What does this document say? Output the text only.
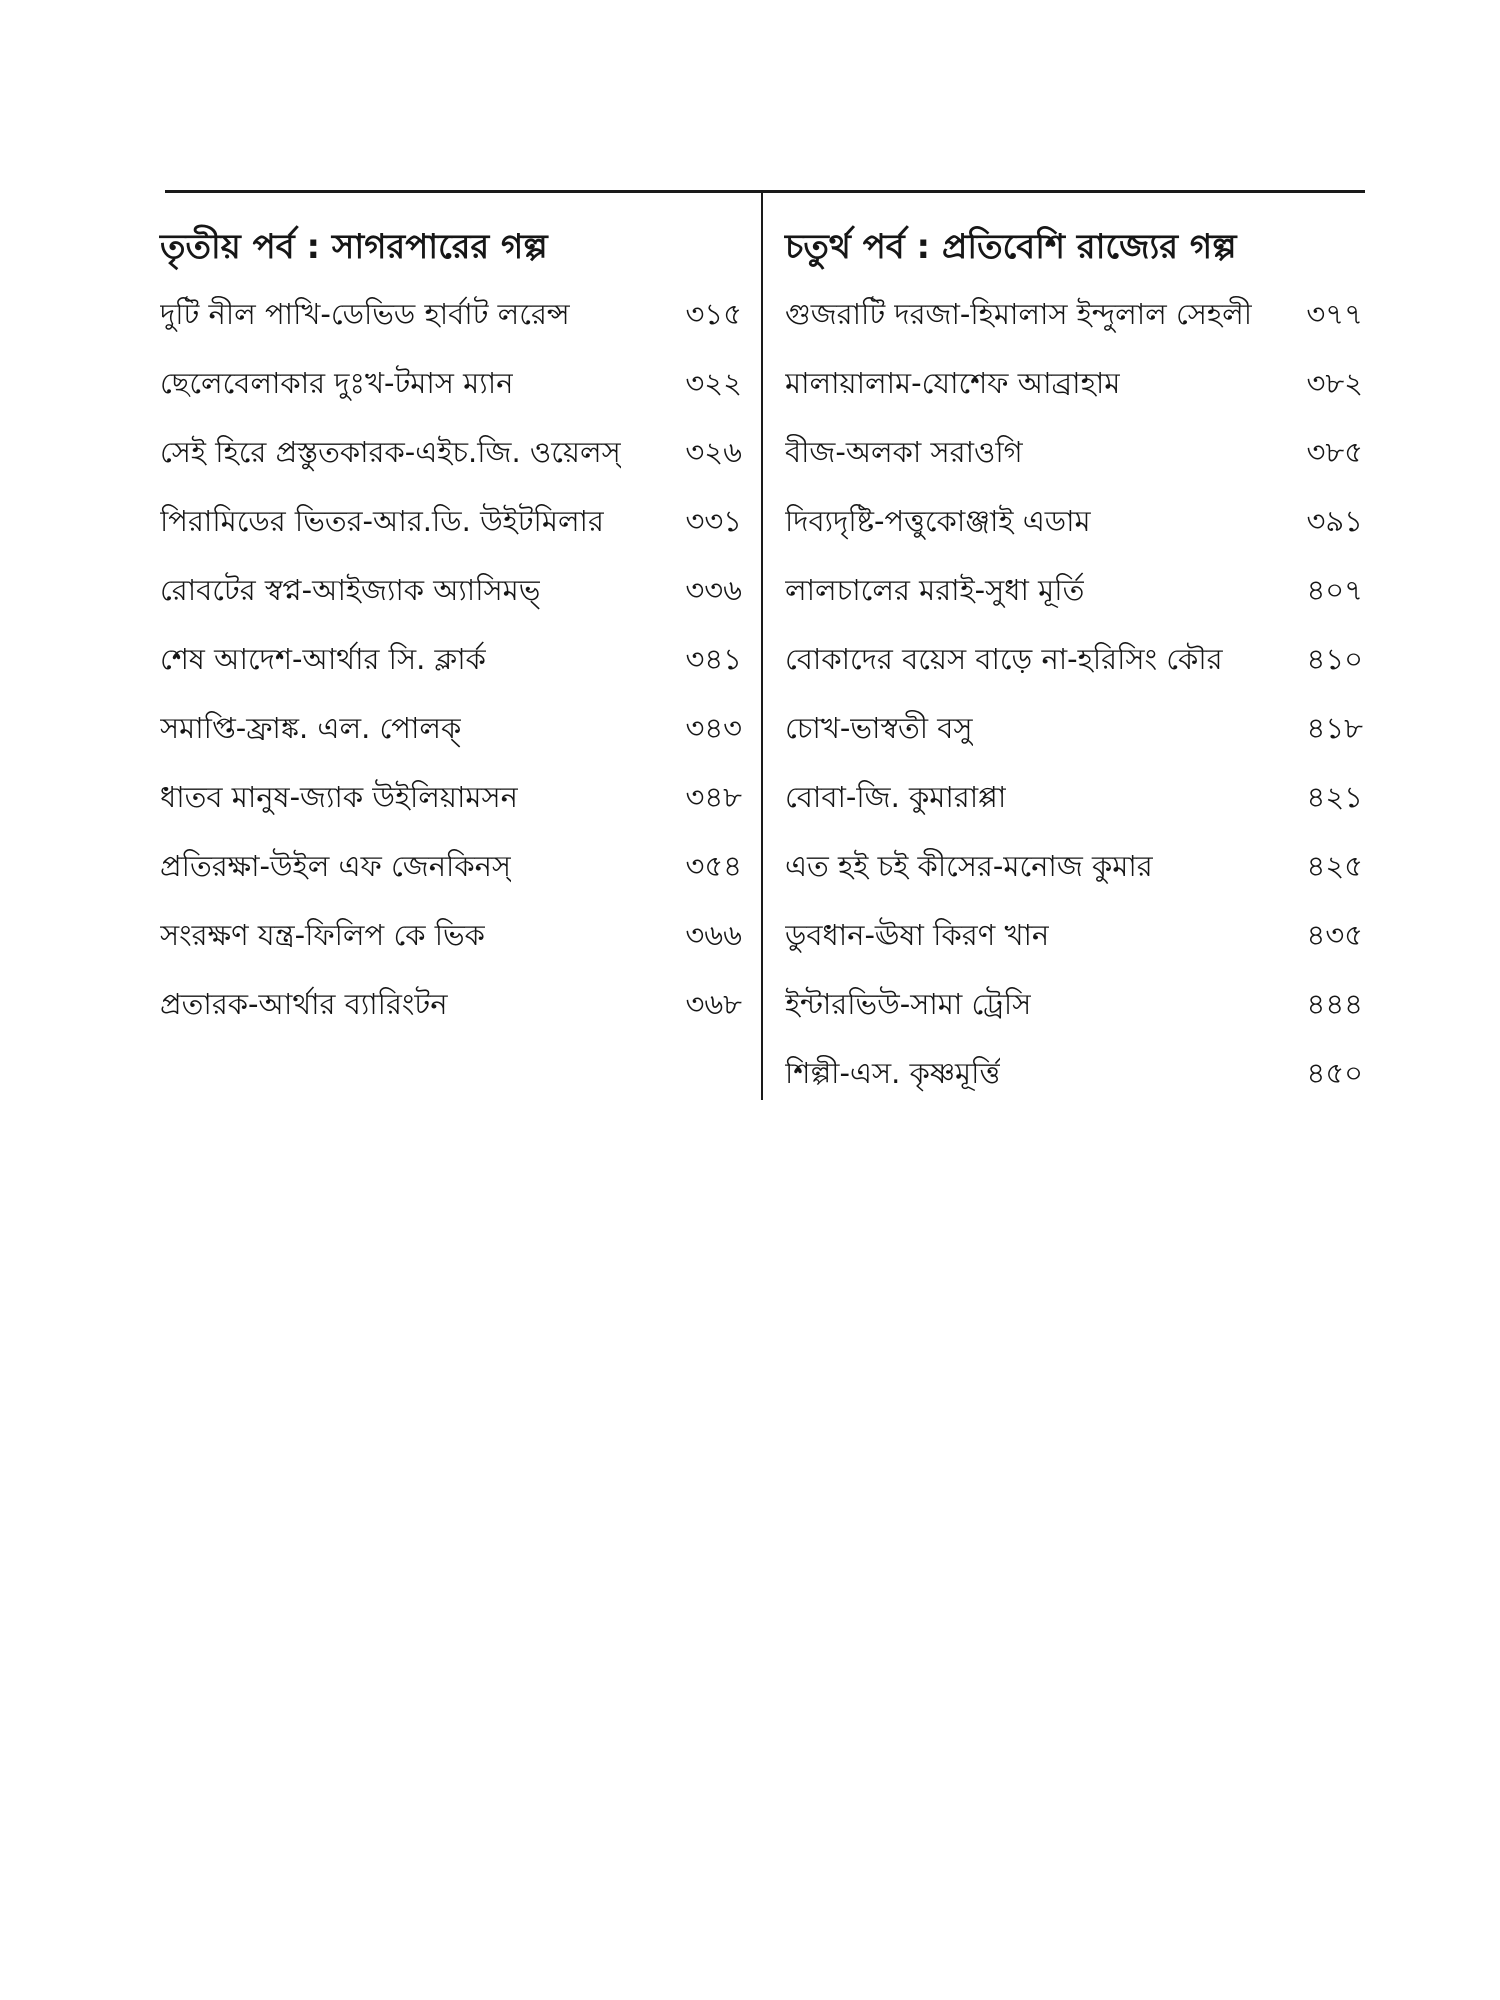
তৃতীয় পর্ব : সাগরপারের গল্প
দুটি নীল পাখি-ডেভিড হার্বাট লরেন্স	৩১৫
ছেলেবেলাকার দুঃখ-টমাস ম্যান	৩২২
সেই হিরে প্রস্তুতকারক-এইচ.জি. ওয়েলস্ ৩২৬
পিরামিডের ভিতর-আর.ডি. উইটমিলার	৩৩১
রোবটের স্বপ্ন-আইজ্যাক অ্যাসিমভ্	৩৩৬
শেষ আদেশ-আর্থার সি. ক্লার্ক	৩৪১
সমাপ্তি-ফ্রাঙ্ক. এল. পোলক্	৩৪৩
ধাতব মানুষ-জ্যাক উইলিয়ামসন	৩৪৮
প্রতিরক্ষা-উইল এফ জেনকিনস্	৩৫৪
সংরক্ষণ যন্ত্র-ফিলিপ কে ভিক	৩৬৬
প্রতারক-আর্থার ব্যারিংটন	৩৬৮
চতুর্থ পর্ব : প্রতিবেশি রাজ্যের গল্প
গুজরাটি দরজা-হিমালাস ইন্দুলাল সেহলী ৩৭৭
মালায়ালাম-যোশেফ আব্রাহাম	৩৮২
বীজ-অলকা সরাওগি	৩৮৫
দিব্যদৃষ্টি-পত্তুকোঞ্জাই এডাম	৩৯১
লালচালের মরাই-সুধা মূর্তি	৪০৭
বোকাদের বয়েস বাড়ে না-হরিসিং কৌর	৪১০
চোখ-ভাস্বতী বসু	৪১৮
বোবা-জি. কুমারাপ্পা	৪২১
এত হই চই কীসের-মনোজ কুমার	৪২৫
ডুবধান-ঊষা কিরণ খান	৪৩৫
ইন্টারভিউ-সামা ট্রেসি	৪৪৪
শিল্পী-এস. কৃষ্ণমূর্ত্তি	৪৫০
